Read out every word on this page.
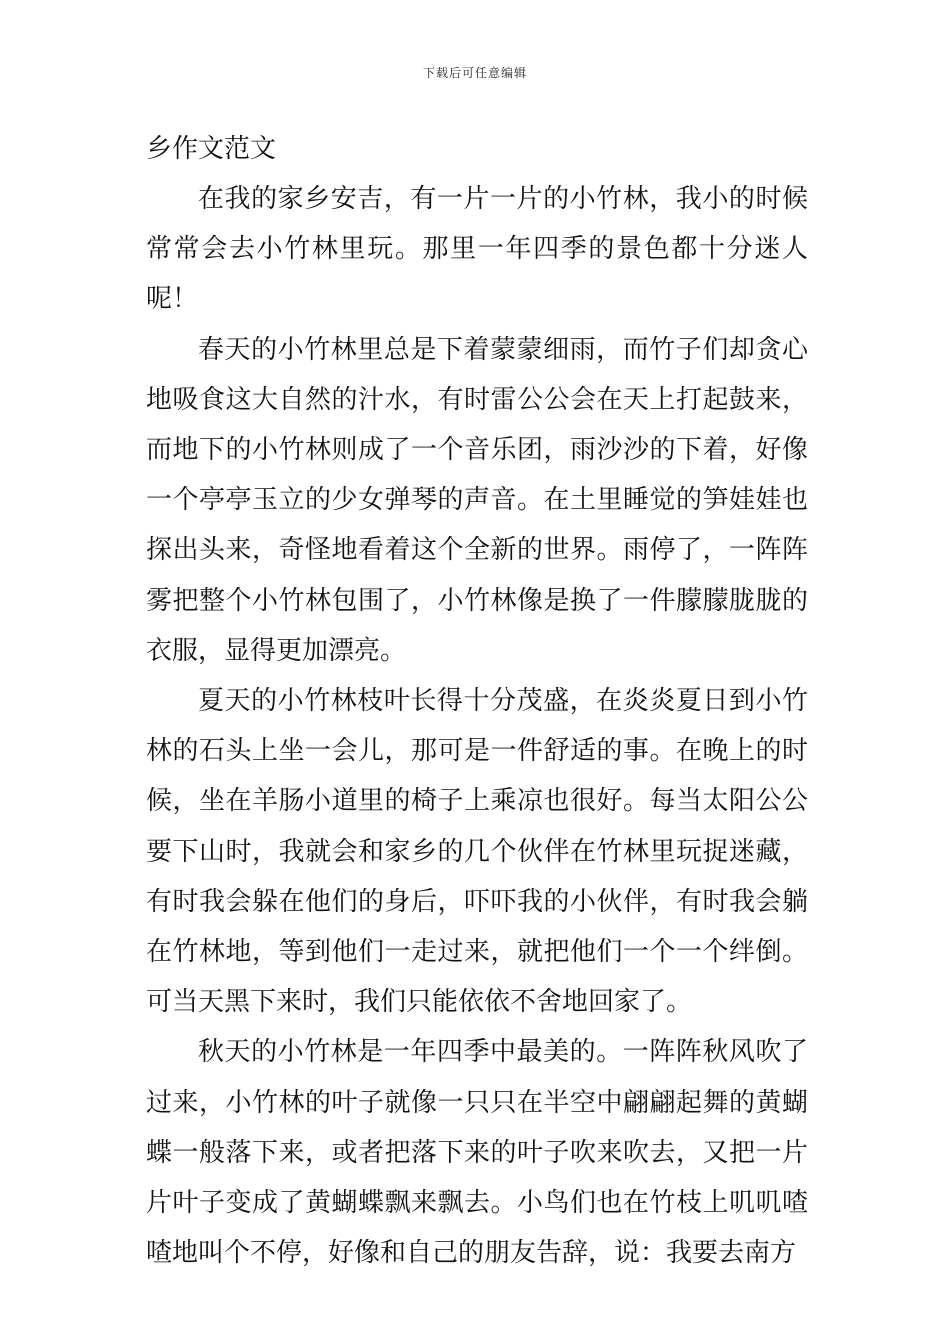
下载后可任意编辑
乡作文范文

在我的家乡安吉，有一片一片的小竹林，我小的时候常常会去小竹林里玩。那里一年四季的景色都十分迷人呢！

春天的小竹林里总是下着蒙蒙细雨，而竹子们却贪心地吸食这大自然的汁水，有时雷公公会在天上打起鼓来，而地下的小竹林则成了一个音乐团，雨沙沙的下着，好像一个亭亭玉立的少女弹琴的声音。在土里睡觉的笋娃娃也探出头来，奇怪地看着这个全新的世界。雨停了，一阵阵雾把整个小竹林包围了，小竹林像是换了一件朦朦胧胧的衣服，显得更加漂亮。

夏天的小竹林枝叶长得十分茂盛，在炎炎夏日到小竹林的石头上坐一会儿，那可是一件舒适的事。在晚上的时候，坐在羊肠小道里的椅子上乘凉也很好。每当太阳公公要下山时，我就会和家乡的几个伙伴在竹林里玩捉迷藏，有时我会躲在他们的身后，吓吓我的小伙伴，有时我会躺在竹林地，等到他们一走过来，就把他们一个一个绊倒。可当天黑下来时，我们只能依依不舍地回家了。

秋天的小竹林是一年四季中最美的。一阵阵秋风吹了过来，小竹林的叶子就像一只只在半空中翩翩起舞的黄蝴蝶一般落下来，或者把落下来的叶子吹来吹去，又把一片片叶子变成了黄蝴蝶飘来飘去。小鸟们也在竹枝上叽叽喳喳地叫个不停，好像和自己的朋友告辞，说：我要去南方
